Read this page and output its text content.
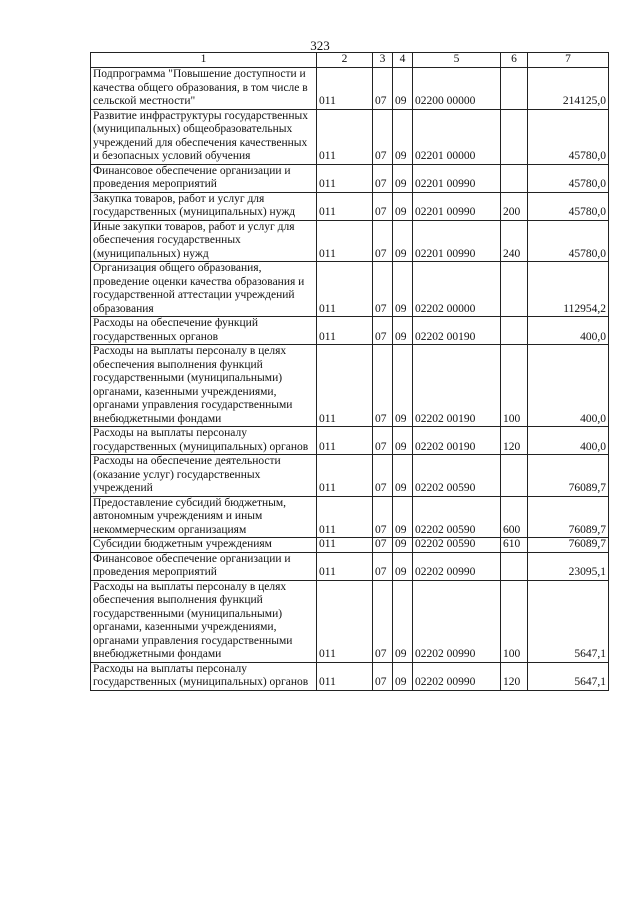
323
1	2	3	4	5	6	7
Подпрограмма "Повышение доступности и качества общего образования, в том числе в сельской местности"	011	07	09	02200 00000		214125,0
Развитие инфраструктуры государственных (муниципальных) общеобразовательных учреждений для обеспечения качественных и безопасных условий обучения	011	07	09	02201 00000		45780,0
Финансовое обеспечение организации и проведения мероприятий	011	07	09	02201 00990		45780,0
Закупка товаров, работ и услуг для государственных (муниципальных) нужд	011	07	09	02201 00990	200	45780,0
Иные закупки товаров, работ и услуг для обеспечения государственных (муниципальных) нужд	011	07	09	02201 00990	240	45780,0
Организация общего образования, проведение оценки качества образования и государственной аттестации учреждений образования	011	07	09	02202 00000		112954,2
Расходы на обеспечение функций государственных органов	011	07	09	02202 00190		400,0
Расходы на выплаты персоналу в целях обеспечения выполнения функций государственными (муниципальными) органами, казенными учреждениями, органами управления государственными внебюджетными фондами	011	07	09	02202 00190	100	400,0
Расходы на выплаты персоналу государственных (муниципальных) органов	011	07	09	02202 00190	120	400,0
Расходы на обеспечение деятельности (оказание услуг) государственных учреждений	011	07	09	02202 00590		76089,7
Предоставление субсидий бюджетным, автономным учреждениям и иным некоммерческим организациям	011	07	09	02202 00590	600	76089,7
Субсидии бюджетным учреждениям	011	07	09	02202 00590	610	76089,7
Финансовое обеспечение организации и проведения мероприятий	011	07	09	02202 00990		23095,1
Расходы на выплаты персоналу в целях обеспечения выполнения функций государственными (муниципальными) органами, казенными учреждениями, органами управления государственными внебюджетными фондами	011	07	09	02202 00990	100	5647,1
Расходы на выплаты персоналу государственных (муниципальных) органов	011	07	09	02202 00990	120	5647,1
